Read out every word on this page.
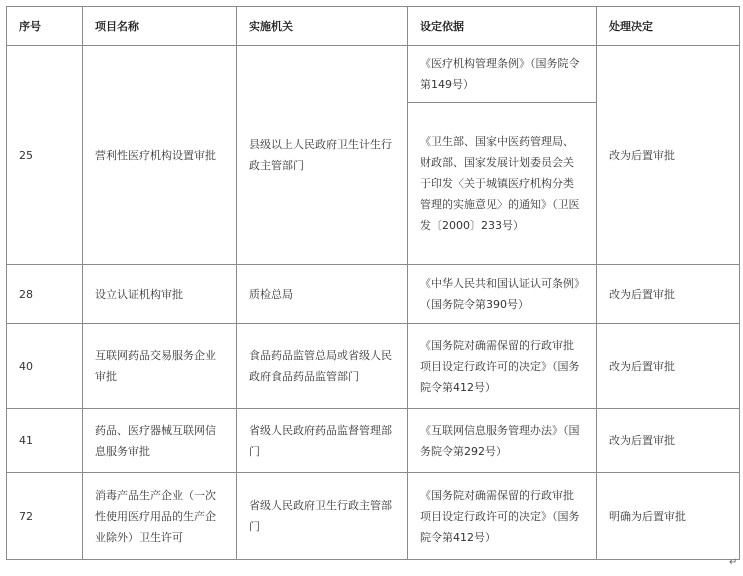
序号	项目名称	实施机关	设定依据	处理决定
25	营利性医疗机构设置审批	县级以上人民政府卫生计生行政主管部门	《医疗机构管理条例》（国务院令第149号）	改为后置审批
			《卫生部、国家中医药管理局、财政部、国家发展计划委员会关于印发〈关于城镇医疗机构分类管理的实施意见〉的通知》（卫医发〔2000〕233号）	
28	设立认证机构审批	质检总局	《中华人民共和国认证认可条例》（国务院令第390号）	改为后置审批
40	互联网药品交易服务企业审批	食品药品监管总局或省级人民政府食品药品监管部门	《国务院对确需保留的行政审批项目设定行政许可的决定》（国务院令第412号）	改为后置审批
41	药品、医疗器械互联网信息服务审批	省级人民政府药品监督管理部门	《互联网信息服务管理办法》（国务院令第292号）	改为后置审批
72	消毒产品生产企业（一次性使用医疗用品的生产企业除外）卫生许可	省级人民政府卫生行政主管部门	《国务院对确需保留的行政审批项目设定行政许可的决定》（国务院令第412号）	明确为后置审批
↵
